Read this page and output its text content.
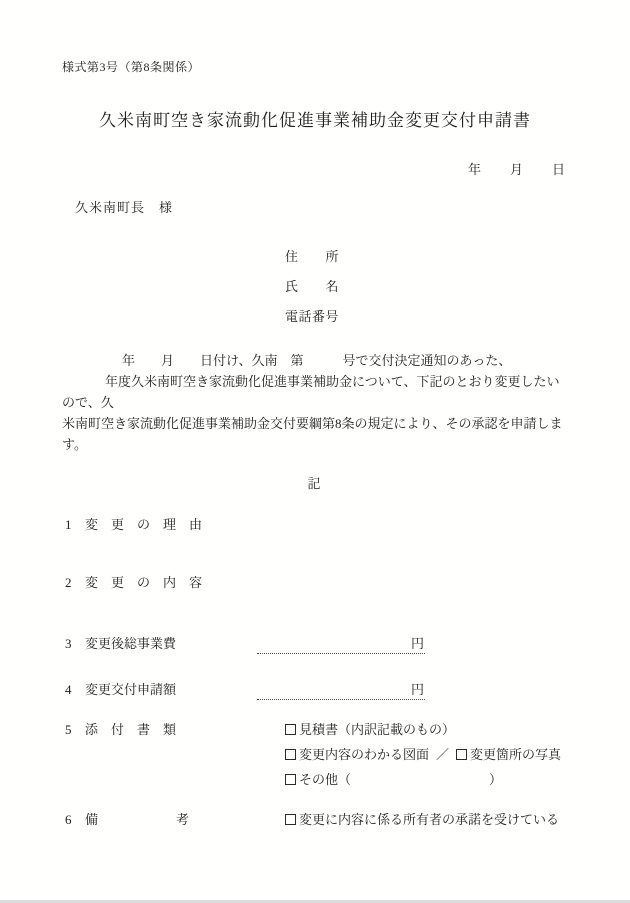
様式第3号（第8条関係）
久米南町空き家流動化促進事業補助金変更交付申請書
年　　月　　日
久米南町長　様
住　　所
氏　　名
電話番号
年　　月　　日付け、久南　第　　　号で交付決定通知のあった、
年度久米南町空き家流動化促進事業補助金について、下記のとおり変更したいので、久
米南町空き家流動化促進事業補助金交付要綱第8条の規定により、その承認を申請します。
記
1 変　更　の　理　由
2 変　更　の　内　容
3 変更後総事業費	円
4 変更交付申請額	円
5 添　付　書　類	見積書（内訳記載のもの）
変更内容のわかる図面 ／ 変更箇所の写真
その他（	）
6 備　　　　　　考	変更に内容に係る所有者の承諾を受けている
